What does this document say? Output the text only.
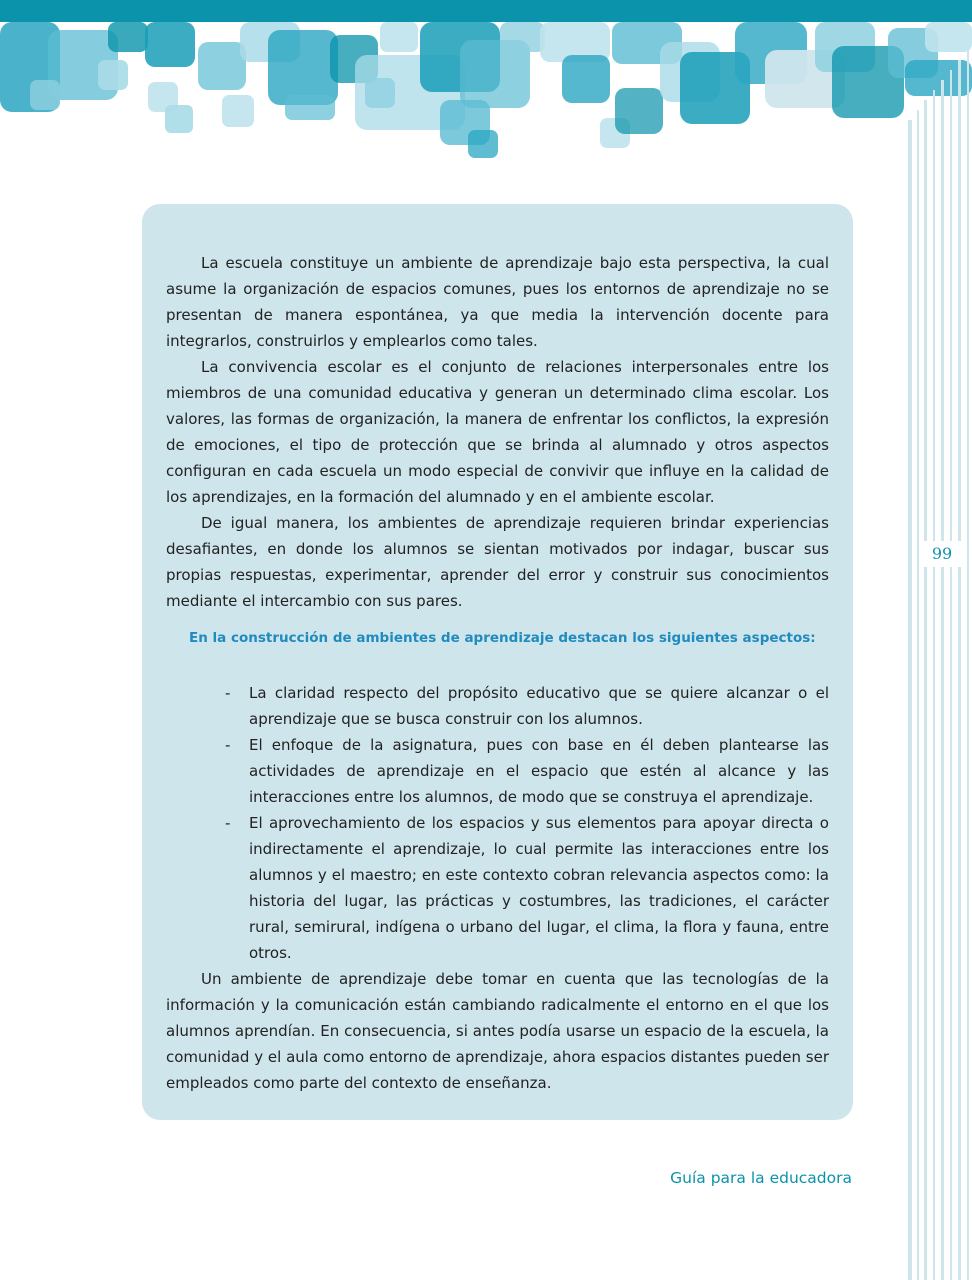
99

La escuela constituye un ambiente de aprendizaje bajo esta perspectiva, la cual asume la organización de espacios comunes, pues los entornos de aprendizaje no se presentan de manera espontánea, ya que media la intervención docente para integrarlos, construirlos y emplearlos como tales.

La convivencia escolar es el conjunto de relaciones interpersonales entre los miembros de una comunidad educativa y generan un determinado clima escolar. Los valores, las formas de organización, la manera de enfrentar los conflictos, la expresión de emociones, el tipo de protección que se brinda al alumnado y otros aspectos configuran en cada escuela un modo especial de convivir que influye en la calidad de los aprendizajes, en la formación del alumnado y en el ambiente escolar.

De igual manera, los ambientes de aprendizaje requieren brindar experiencias desafiantes, en donde los alumnos se sientan motivados por indagar, buscar sus propias respuestas, experimentar, aprender del error y construir sus conocimientos mediante el intercambio con sus pares.

En la construcción de ambientes de aprendizaje destacan los siguientes aspectos:

- La claridad respecto del propósito educativo que se quiere alcanzar o el aprendizaje que se busca construir con los alumnos.
- El enfoque de la asignatura, pues con base en él deben plantearse las actividades de aprendizaje en el espacio que estén al alcance y las interacciones entre los alumnos, de modo que se construya el aprendizaje.
- El aprovechamiento de los espacios y sus elementos para apoyar directa o indirectamente el aprendizaje, lo cual permite las interacciones entre los alumnos y el maestro; en este contexto cobran relevancia aspectos como: la historia del lugar, las prácticas y costumbres, las tradiciones, el carácter rural, semirural, indígena o urbano del lugar, el clima, la flora y fauna, entre otros.

Un ambiente de aprendizaje debe tomar en cuenta que las tecnologías de la información y la comunicación están cambiando radicalmente el entorno en el que los alumnos aprendían. En consecuencia, si antes podía usarse un espacio de la escuela, la comunidad y el aula como entorno de aprendizaje, ahora espacios distantes pueden ser empleados como parte del contexto de enseñanza.

Guía para la educadora
